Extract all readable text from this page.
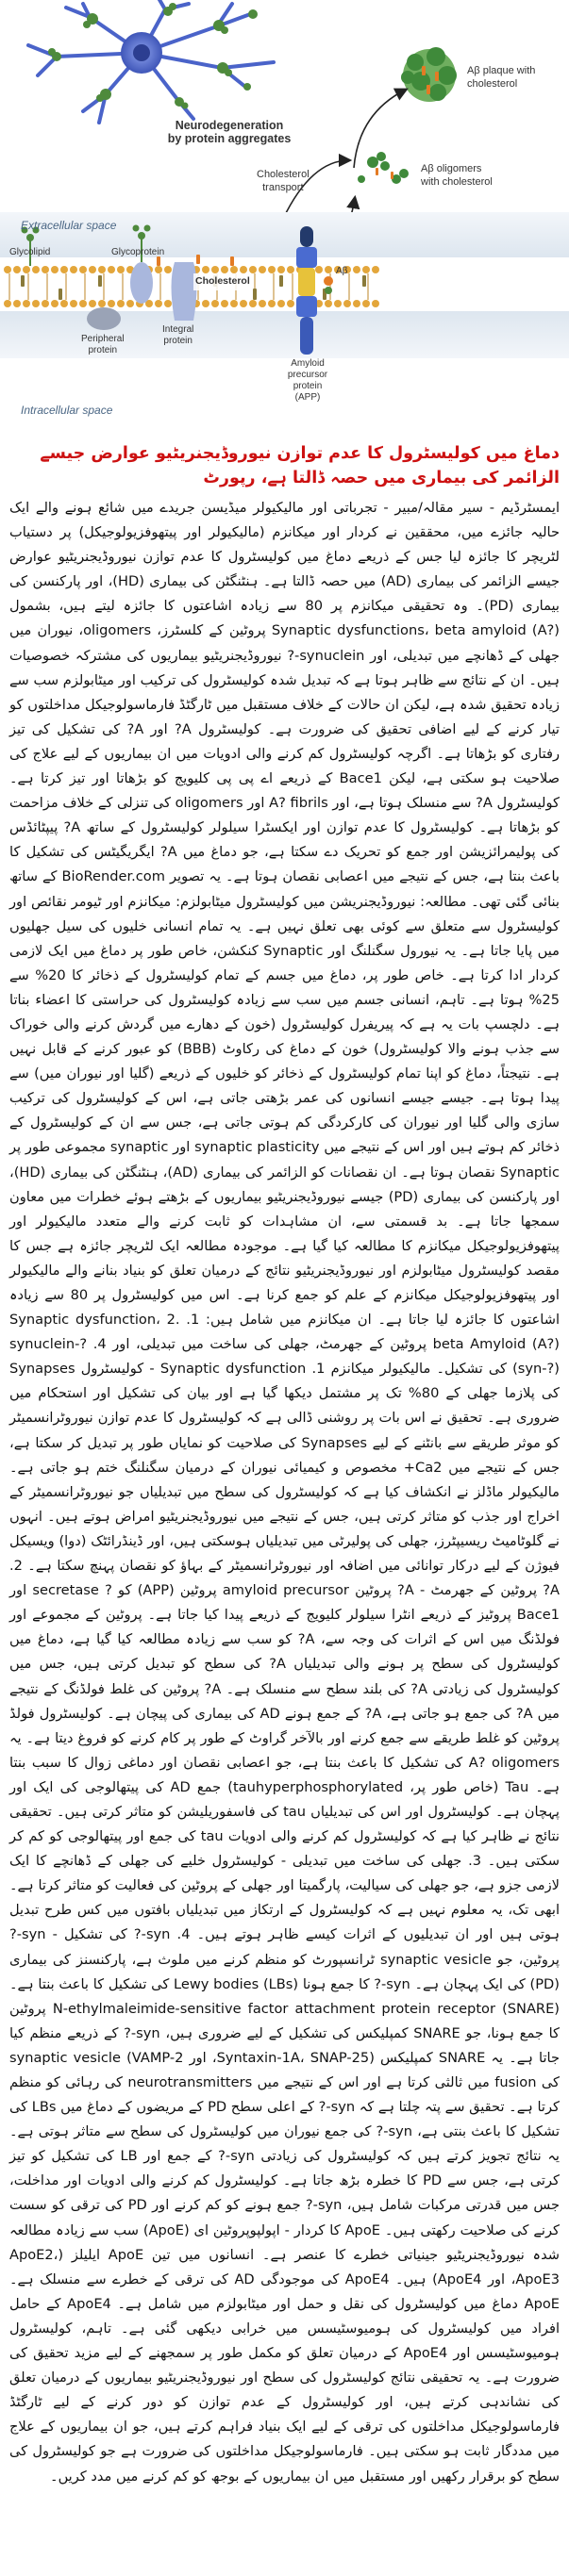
Neurodegeneration
by protein aggregates
Aβ plaque with
cholesterol
Aβ oligomers
with cholesterol
Cholesterol
transport
Extracellular space
Intracellular space
Glycolipid	Glycoprotein
Cholesterol
Aβ
Integral
protein
Peripheral
protein
Amyloid
precursor
protein
(APP)
دماغ میں کولیسٹرول کا عدم توازن نیوروڈیجنریٹیو عوارض جیسے الزائمر کی بیماری میں حصہ ڈالتا ہے، رپورٹ

ایمسٹرڈیم - سیر مقالہ/مبیر - تجرباتی اور مالیکیولر میڈیسن جریدے میں شائع ہونے والے ایک حالیہ جائزے میں، محققین نے کردار اور میکانزم (مالیکیولر اور پیتھوفزیولوجیکل) پر دستیاب لٹریچر کا جائزہ لیا جس کے ذریعے دماغ میں کولیسٹرول کا عدم توازن نیوروڈیجنریٹیو عوارض جیسے الزائمر کی بیماری (AD) میں حصہ ڈالتا ہے۔ ہنٹنگٹن کی بیماری (HD)، اور پارکنسن کی بیماری (PD)۔ وہ تحقیقی میکانزم پر 80 سے زیادہ اشاعتوں کا جائزہ لیتے ہیں، بشمول Synaptic dysfunctions، beta amyloid (A?) پروٹین کے کلسٹرز، oligomers، نیوران میں جھلی کے ڈھانچے میں تبدیلی، اور synuclein-? نیوروڈیجنریٹیو بیماریوں کی مشترکہ خصوصیات ہیں۔ ان کے نتائج سے ظاہر ہوتا ہے کہ تبدیل شدہ کولیسٹرول کی ترکیب اور میٹابولزم سب سے زیادہ تحقیق شدہ ہے، لیکن ان حالات کے خلاف مستقبل میں ٹارگٹڈ فارماسولوجیکل مداخلتوں کو تیار کرنے کے لیے اضافی تحقیق کی ضرورت ہے۔ کولیسٹرول A? اور A? کی تشکیل کی تیز رفتاری کو بڑھاتا ہے۔ اگرچہ کولیسٹرول کم کرنے والی ادویات میں ان بیماریوں کے لیے علاج کی صلاحیت ہو سکتی ہے، لیکن Bace1 کے ذریعے اے پی پی کلیویج کو بڑھاتا اور تیز کرتا ہے۔ کولیسٹرول A? سے منسلک ہوتا ہے، اور A? fibrils اور oligomers کی تنزلی کے خلاف مزاحمت کو بڑھاتا ہے۔ کولیسٹرول کا عدم توازن اور ایکسٹرا سیلولر کولیسٹرول کے ساتھ A? پیپٹائڈس کی پولیمرائزیشن اور جمع کو تحریک دے سکتا ہے، جو دماغ میں A? ایگریگیٹس کی تشکیل کا باعث بنتا ہے، جس کے نتیجے میں اعصابی نقصان ہوتا ہے۔ یہ تصویر BioRender.com کے ساتھ بنائی گئی تھی۔ مطالعہ: نیوروڈیجنریشن میں کولیسٹرول میٹابولزم: میکانزم اور ٹیومر نقائص اور کولیسٹرول سے متعلق سے کوئی بھی تعلق نہیں ہے۔ یہ تمام انسانی خلیوں کی سیل جھلیوں میں پایا جاتا ہے۔ یہ نیورول سگنلنگ اور Synaptic کنکشن، خاص طور پر دماغ میں ایک لازمی کردار ادا کرتا ہے۔ خاص طور پر، دماغ میں جسم کے تمام کولیسٹرول کے ذخائر کا 20% سے 25% ہوتا ہے۔ تاہم، انسانی جسم میں سب سے زیادہ کولیسٹرول کی حراستی کا اعضاء بناتا ہے۔ دلچسپ بات یہ ہے کہ پیریفرل کولیسٹرول (خون کے دھارے میں گردش کرنے والی خوراک سے جذب ہونے والا کولیسٹرول) خون کے دماغ کی رکاوٹ (BBB) کو عبور کرنے کے قابل نہیں ہے۔ نتیجتاً، دماغ کو اپنا تمام کولیسٹرول کے ذخائر کو خلیوں کے ذریعے (گلیا اور نیوران میں) سے پیدا ہوتا ہے۔ جیسے جیسے انسانوں کی عمر بڑھتی جاتی ہے، اس کے کولیسٹرول کی ترکیب سازی والی گلیا اور نیوران کی کارکردگی کم ہوتی جاتی ہے، جس سے ان کے کولیسٹرول کے ذخائر کم ہوتے ہیں اور اس کے نتیجے میں synaptic plasticity اور synaptic مجموعی طور پر Synaptic نقصان ہوتا ہے۔ ان نقصانات کو الزائمر کی بیماری (AD)، ہنٹنگٹن کی بیماری (HD)، اور پارکنسن کی بیماری (PD) جیسے نیوروڈیجنریٹیو بیماریوں کے بڑھتے ہوئے خطرات میں معاون سمجھا جاتا ہے۔ بد قسمتی سے، ان مشاہدات کو ثابت کرنے والے متعدد مالیکیولر اور پیتھوفزیولوجیکل میکانزم کا مطالعہ کیا گیا ہے۔ موجودہ مطالعہ ایک لٹریچر جائزہ ہے جس کا مقصد کولیسٹرول میٹابولزم اور نیوروڈیجنریٹیو نتائج کے درمیان تعلق کو بنیاد بنانے والے مالیکیولر اور پیتھوفزیولوجیکل میکانزم کے علم کو جمع کرنا ہے۔ اس میں کولیسٹرول پر 80 سے زیادہ اشاعتوں کا جائزہ لیا جاتا ہے۔ ان میکانزم میں شامل ہیں: 1. Synaptic dysfunction، 2. beta Amyloid (A?) پروٹین کے جھرمٹ، جھلی کی ساخت میں تبدیلی، اور 4. synuclein-? (syn-?) کی تشکیل۔ مالیکیولر میکانزم 1. Synaptic dysfunction - کولیسٹرول Synapses کی پلازما جھلی کے 80% تک پر مشتمل دیکھا گیا ہے اور بیان کی تشکیل اور استحکام میں ضروری ہے۔ تحقیق نے اس بات پر روشنی ڈالی ہے کہ کولیسٹرول کا عدم توازن نیوروٹرانسمیٹر کو موثر طریقے سے بانٹنے کے لیے Synapses کی صلاحیت کو نمایاں طور پر تبدیل کر سکتا ہے، جس کے نتیجے میں Ca2+ مخصوص و کیمیائی نیوران کے درمیان سگنلنگ ختم ہو جاتی ہے۔ مالیکیولر ماڈلز نے انکشاف کیا ہے کہ کولیسٹرول کی سطح میں تبدیلیاں جو نیوروٹرانسمیٹر کے اخراج اور جذب کو متاثر کرتی ہیں، جس کے نتیجے میں نیوروڈیجنریٹیو امراض ہوتے ہیں۔ انہوں نے گلوٹامیٹ ریسیپٹرز، جھلی کی پولیرٹی میں تبدیلیاں ہوسکتی ہیں، اور ڈینڈرائٹک (دوا) ویسیکل فیوژن کے لیے درکار توانائی میں اضافہ اور نیوروٹرانسمیٹر کے بہاؤ کو نقصان پہنچ سکتا ہے۔ 2. A? پروٹین کے جھرمٹ - A? پروٹین amyloid precursor پروٹین (APP) کو ? secretase اور Bace1 پروٹیز کے ذریعے انٹرا سیلولر کلیویج کے ذریعے پیدا کیا جاتا ہے۔ پروٹین کے مجموعے اور فولڈنگ میں اس کے اثرات کی وجہ سے، A? کو سب سے زیادہ مطالعہ کیا گیا ہے، دماغ میں کولیسٹرول کی سطح پر ہونے والی تبدیلیاں A? کی سطح کو تبدیل کرتی ہیں، جس میں کولیسٹرول کی زیادتی A? کی بلند سطح سے منسلک ہے۔ A? پروٹین کی غلط فولڈنگ کے نتیجے میں A? کی جمع ہو جاتی ہے، A? کے جمع ہونے AD کی بیماری کی پیچان ہے۔ کولیسٹرول فولڈ پروٹین کو غلط طریقے سے جمع کرنے اور بالآخر گراوٹ کے طور پر کام کرنے کو فروغ دیتا ہے۔ یہ A? oligomers کی تشکیل کا باعث بنتا ہے، جو اعصابی نقصان اور دماغی زوال کا سبب بنتا ہے۔ Tau (خاص طور پر، tauhyperphosphorylated) جمع AD کی پیتھالوجی کی ایک اور پہچان ہے۔ کولیسٹرول اور اس کی تبدیلیاں tau کی فاسفوریلیشن کو متاثر کرتی ہیں۔ تحقیقی نتائج نے ظاہر کیا ہے کہ کولیسٹرول کم کرنے والی ادویات tau کی جمع اور پیتھالوجی کو کم کر سکتی ہیں۔ 3. جھلی کی ساخت میں تبدیلی - کولیسٹرول خلیے کی جھلی کے ڈھانچے کا ایک لازمی جزو ہے، جو جھلی کی سیالیت، پارگمیتا اور جھلی کے پروٹین کی فعالیت کو متاثر کرتا ہے۔ ابھی تک، یہ معلوم نہیں ہے کہ کولیسٹرول کے ارتکاز میں تبدیلیاں بافتوں میں کس طرح تبدیل ہوتی ہیں اور ان تبدیلیوں کے اثرات کیسے ظاہر ہوتے ہیں۔ 4. syn-? کی تشکیل - syn-? پروٹین، جو synaptic vesicle ٹرانسپورٹ کو منظم کرنے میں ملوث ہے، پارکنسنز کی بیماری (PD) کی ایک پہچان ہے۔ syn-? کا جمع ہونا Lewy bodies (LBs) کی تشکیل کا باعث بنتا ہے۔ N-ethylmaleimide-sensitive factor attachment protein receptor (SNARE) پروٹین کا جمع ہونا، جو SNARE کمپلیکس کی تشکیل کے لیے ضروری ہیں، syn-? کے ذریعے منظم کیا جاتا ہے۔ یہ SNARE کمپلیکس (Syntaxin-1A، SNAP-25، اور VAMP-2) synaptic vesicle کی fusion میں ثالثی کرتا ہے اور اس کے نتیجے میں neurotransmitters کی رہائی کو منظم کرتا ہے۔ تحقیق سے پتہ چلتا ہے کہ syn-? کے اعلی سطح PD کے مریضوں کے دماغ میں LBs کی تشکیل کا باعث بنتی ہے، syn-? کی جمع نیوران میں کولیسٹرول کی سطح سے متاثر ہوتی ہے۔ یہ نتائج تجویز کرتے ہیں کہ کولیسٹرول کی زیادتی syn-? کے جمع اور LB کی تشکیل کو تیز کرتی ہے، جس سے PD کا خطرہ بڑھ جاتا ہے۔ کولیسٹرول کم کرنے والی ادویات اور مداخلت، جس میں قدرتی مرکبات شامل ہیں، syn-? جمع ہونے کو کم کرنے اور PD کی ترقی کو سست کرنے کی صلاحیت رکھتی ہیں۔ ApoE کا کردار - اپولپوپروٹین ای (ApoE) سب سے زیادہ مطالعہ شدہ نیوروڈیجنریٹیو جینیاتی خطرے کا عنصر ہے۔ انسانوں میں تین ApoE ایلیلز (ApoE2، ApoE3، اور ApoE4) ہیں۔ ApoE4 کی موجودگی AD کی ترقی کے خطرے سے منسلک ہے۔ ApoE دماغ میں کولیسٹرول کی نقل و حمل اور میٹابولزم میں شامل ہے۔ ApoE4 کے حامل افراد میں کولیسٹرول کی ہومیوسٹیسس میں خرابی دیکھی گئی ہے۔ تاہم، کولیسٹرول ہومیوسٹیسس اور ApoE4 کے درمیان تعلق کو مکمل طور پر سمجھنے کے لیے مزید تحقیق کی ضرورت ہے۔ یہ تحقیقی نتائج کولیسٹرول کی سطح اور نیوروڈیجنریٹیو بیماریوں کے درمیان تعلق کی نشاندہی کرتے ہیں، اور کولیسٹرول کے عدم توازن کو دور کرنے کے لیے ٹارگٹڈ فارماسولوجیکل مداخلتوں کی ترقی کے لیے ایک بنیاد فراہم کرتے ہیں، جو ان بیماریوں کے علاج میں مددگار ثابت ہو سکتی ہیں۔ فارماسولوجیکل مداخلتوں کی ضرورت ہے جو کولیسٹرول کی سطح کو برقرار رکھیں اور مستقبل میں ان بیماریوں کے بوجھ کو کم کرنے میں مدد کریں۔
